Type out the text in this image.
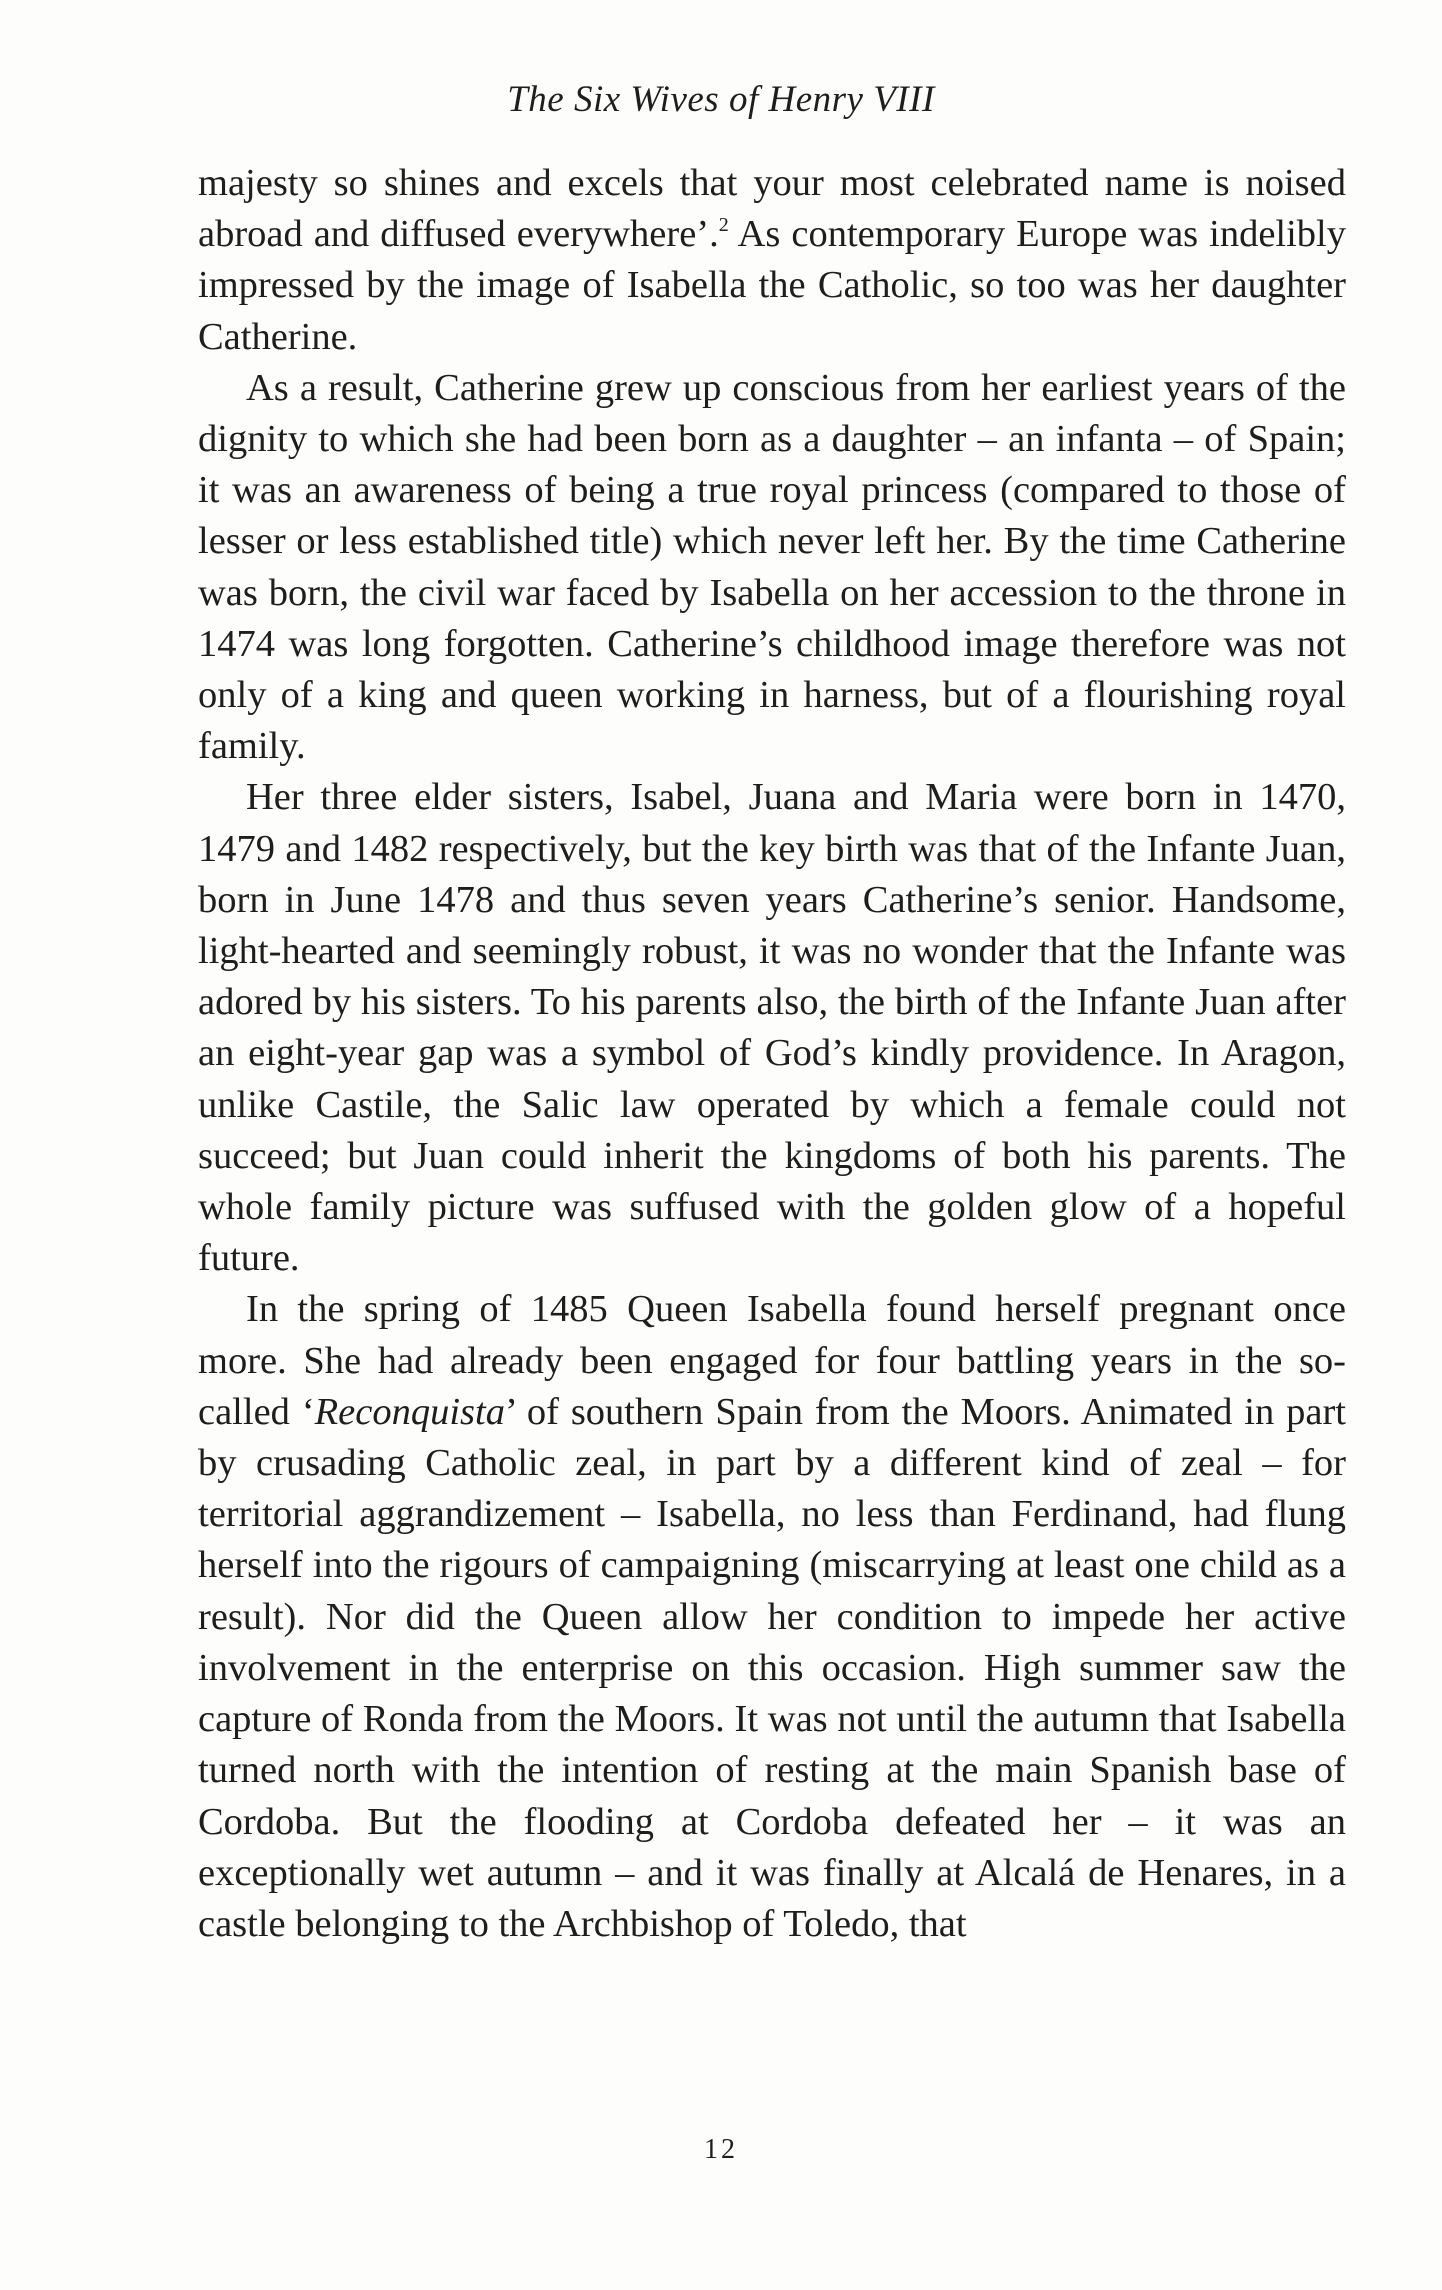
The Six Wives of Henry VIII

majesty so shines and excels that your most celebrated name is noised abroad and diffused everywhere’.$^2$ As contemporary Europe was indelibly impressed by the image of Isabella the Catholic, so too was her daughter Catherine.

As a result, Catherine grew up conscious from her earliest years of the dignity to which she had been born as a daughter – an infanta – of Spain; it was an awareness of being a true royal princess (compared to those of lesser or less established title) which never left her. By the time Catherine was born, the civil war faced by Isabella on her accession to the throne in 1474 was long forgotten. Catherine’s childhood image therefore was not only of a king and queen working in harness, but of a flourishing royal family.

Her three elder sisters, Isabel, Juana and Maria were born in 1470, 1479 and 1482 respectively, but the key birth was that of the Infante Juan, born in June 1478 and thus seven years Catherine’s senior. Handsome, light-hearted and seemingly robust, it was no wonder that the Infante was adored by his sisters. To his parents also, the birth of the Infante Juan after an eight-year gap was a symbol of God’s kindly providence. In Aragon, unlike Castile, the Salic law operated by which a female could not succeed; but Juan could inherit the kingdoms of both his parents. The whole family picture was suffused with the golden glow of a hopeful future.

In the spring of 1485 Queen Isabella found herself pregnant once more. She had already been engaged for four battling years in the so-called ‘Reconquista’ of southern Spain from the Moors. Animated in part by crusading Catholic zeal, in part by a different kind of zeal – for territorial aggrandizement – Isabella, no less than Ferdinand, had flung herself into the rigours of campaigning (miscarrying at least one child as a result). Nor did the Queen allow her condition to impede her active involvement in the enterprise on this occasion. High summer saw the capture of Ronda from the Moors. It was not until the autumn that Isabella turned north with the intention of resting at the main Spanish base of Cordoba. But the flooding at Cordoba defeated her – it was an exceptionally wet autumn – and it was finally at Alcalá de Henares, in a castle belonging to the Archbishop of Toledo, that

12
